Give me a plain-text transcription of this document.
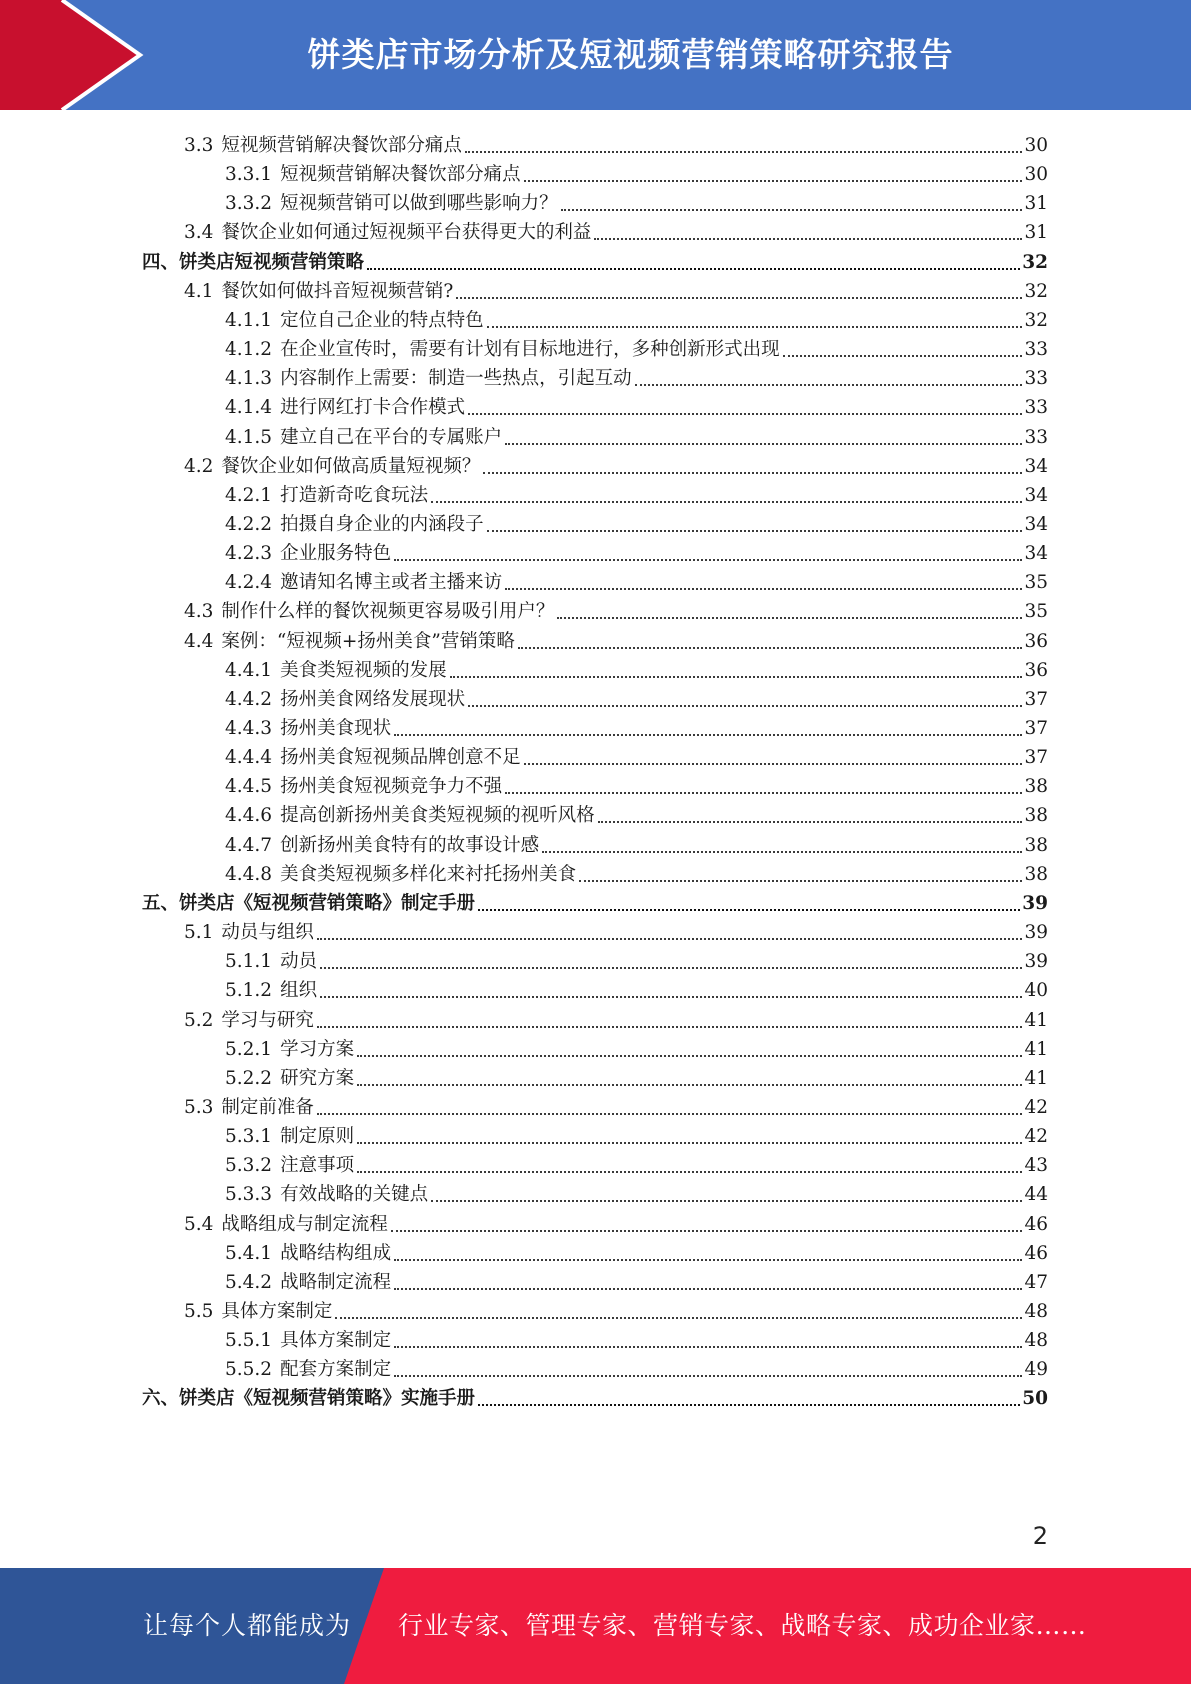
饼类店市场分析及短视频营销策略研究报告
3.3 短视频营销解决餐饮部分痛点	30
3.3.1 短视频营销解决餐饮部分痛点	30
3.3.2 短视频营销可以做到哪些影响力？	31
3.4 餐饮企业如何通过短视频平台获得更大的利益	31
四、饼类店短视频营销策略	32
4.1 餐饮如何做抖音短视频营销?	32
4.1.1 定位自己企业的特点特色	32
4.1.2 在企业宣传时，需要有计划有目标地进行，多种创新形式出现	33
4.1.3 内容制作上需要：制造一些热点，引起互动	33
4.1.4 进行网红打卡合作模式	33
4.1.5 建立自己在平台的专属账户	33
4.2 餐饮企业如何做高质量短视频？	34
4.2.1 打造新奇吃食玩法	34
4.2.2 拍摄自身企业的内涵段子	34
4.2.3 企业服务特色	34
4.2.4 邀请知名博主或者主播来访	35
4.3 制作什么样的餐饮视频更容易吸引用户？	35
4.4 案例：“短视频+扬州美食”营销策略	36
4.4.1 美食类短视频的发展	36
4.4.2 扬州美食网络发展现状	37
4.4.3 扬州美食现状	37
4.4.4 扬州美食短视频品牌创意不足	37
4.4.5 扬州美食短视频竞争力不强	38
4.4.6 提高创新扬州美食类短视频的视听风格	38
4.4.7 创新扬州美食特有的故事设计感	38
4.4.8 美食类短视频多样化来衬托扬州美食	38
五、饼类店《短视频营销策略》制定手册	39
5.1 动员与组织	39
5.1.1 动员	39
5.1.2 组织	40
5.2 学习与研究	41
5.2.1 学习方案	41
5.2.2 研究方案	41
5.3 制定前准备	42
5.3.1 制定原则	42
5.3.2 注意事项	43
5.3.3 有效战略的关键点	44
5.4 战略组成与制定流程	46
5.4.1 战略结构组成	46
5.4.2 战略制定流程	47
5.5 具体方案制定	48
5.5.1 具体方案制定	48
5.5.2 配套方案制定	49
六、饼类店《短视频营销策略》实施手册	50
2
让每个人都能成为 行业专家、管理专家、营销专家、战略专家、成功企业家……
